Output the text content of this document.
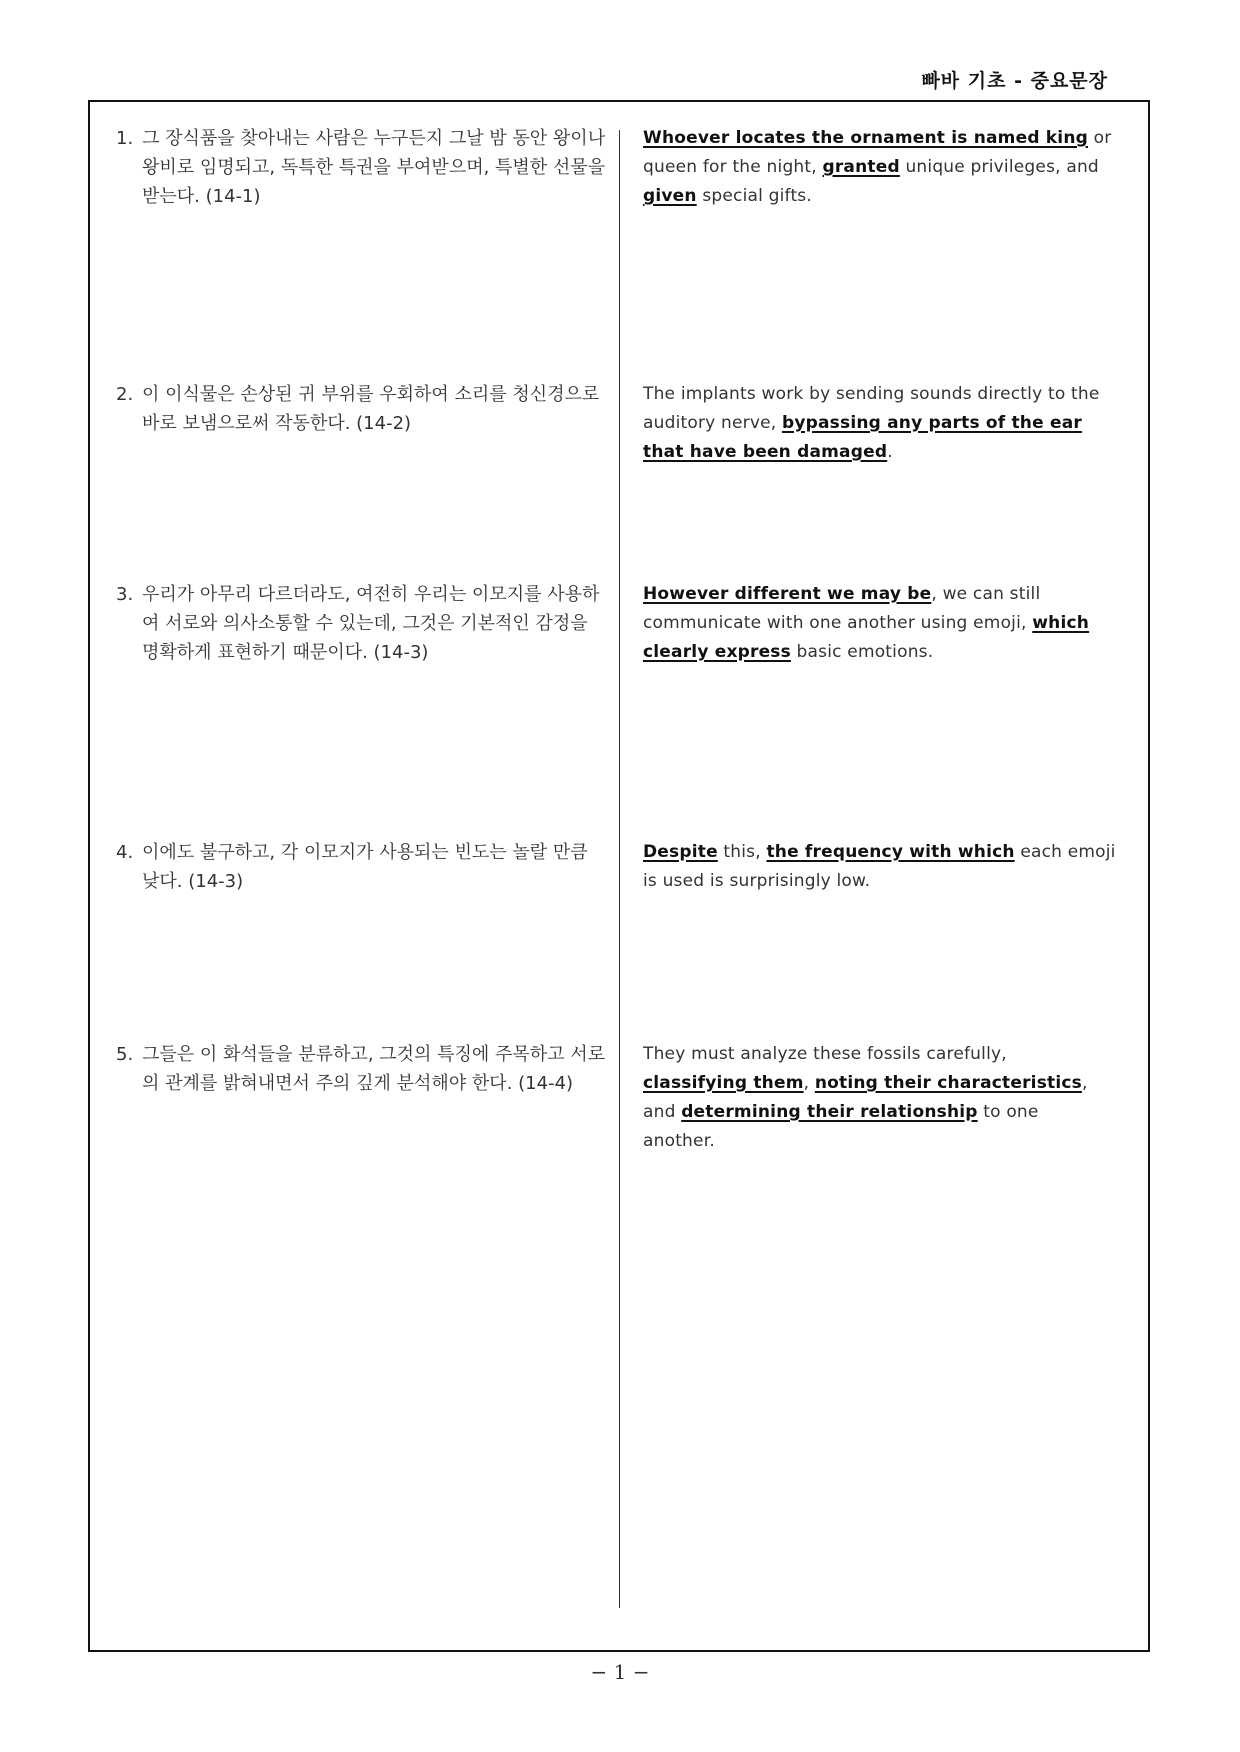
빠바 기초 - 중요문장
1. 그 장식품을 찾아내는 사람은 누구든지 그날 밤 동안 왕이나 왕비로 임명되고, 독특한 특권을 부여받으며, 특별한 선물을 받는다. (14-1)
Whoever locates the ornament is named king or queen for the night, granted unique privileges, and given special gifts.
2. 이 이식물은 손상된 귀 부위를 우회하여 소리를 청신경으로 바로 보냄으로써 작동한다. (14-2)
The implants work by sending sounds directly to the auditory nerve, bypassing any parts of the ear that have been damaged.
3. 우리가 아무리 다르더라도, 여전히 우리는 이모지를 사용하여 서로와 의사소통할 수 있는데, 그것은 기본적인 감정을 명확하게 표현하기 때문이다. (14-3)
However different we may be, we can still communicate with one another using emoji, which clearly express basic emotions.
4. 이에도 불구하고, 각 이모지가 사용되는 빈도는 놀랄 만큼 낮다. (14-3)
Despite this, the frequency with which each emoji is used is surprisingly low.
5. 그들은 이 화석들을 분류하고, 그것의 특징에 주목하고 서로의 관계를 밝혀내면서 주의 깊게 분석해야 한다. (14-4)
They must analyze these fossils carefully, classifying them, noting their characteristics, and determining their relationship to one another.
− 1 −
